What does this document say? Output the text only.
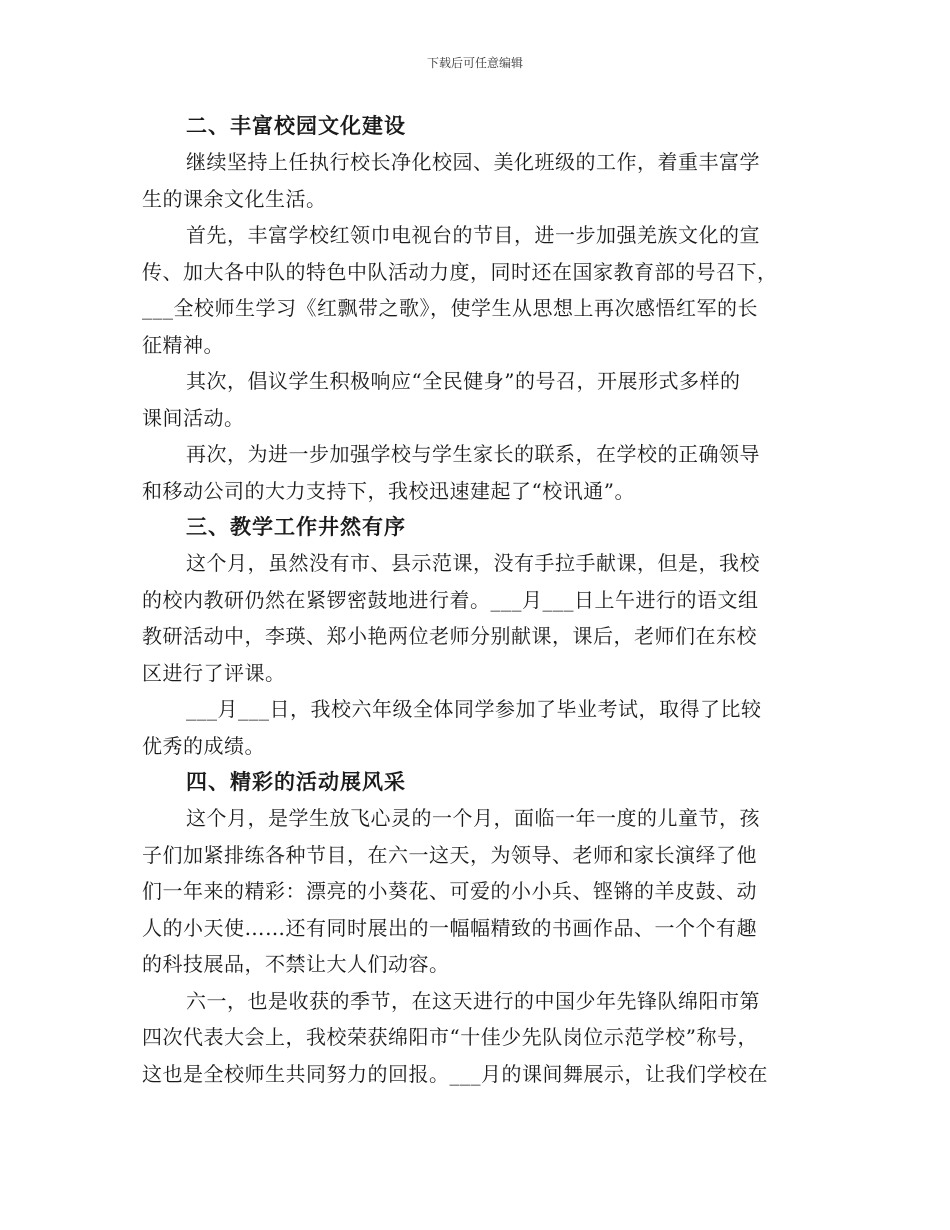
下载后可任意编辑
二、丰富校园文化建设

继续坚持上任执行校长净化校园、美化班级的工作，着重丰富学
生的课余文化生活。

首先，丰富学校红领巾电视台的节目，进一步加强羌族文化的宣
传、加大各中队的特色中队活动力度，同时还在国家教育部的号召下，
___全校师生学习《红飘带之歌》，使学生从思想上再次感悟红军的长
征精神。

其次，倡议学生积极响应“全民健身”的号召，开展形式多样的
课间活动。

再次，为进一步加强学校与学生家长的联系，在学校的正确领导
和移动公司的大力支持下，我校迅速建起了“校讯通”。

三、教学工作井然有序

这个月，虽然没有市、县示范课，没有手拉手献课，但是，我校
的校内教研仍然在紧锣密鼓地进行着。___月___日上午进行的语文组
教研活动中，李瑛、郑小艳两位老师分别献课，课后，老师们在东校
区进行了评课。

___月___日，我校六年级全体同学参加了毕业考试，取得了比较
优秀的成绩。

四、精彩的活动展风采

这个月，是学生放飞心灵的一个月，面临一年一度的儿童节，孩
子们加紧排练各种节目，在六一这天，为领导、老师和家长演绎了他
们一年来的精彩：漂亮的小葵花、可爱的小小兵、铿锵的羊皮鼓、动
人的小天使……还有同时展出的一幅幅精致的书画作品、一个个有趣
的科技展品，不禁让大人们动容。

六一，也是收获的季节，在这天进行的中国少年先锋队绵阳市第
四次代表大会上，我校荣获绵阳市“十佳少先队岗位示范学校”称号，
这也是全校师生共同努力的回报。___月的课间舞展示，让我们学校在
